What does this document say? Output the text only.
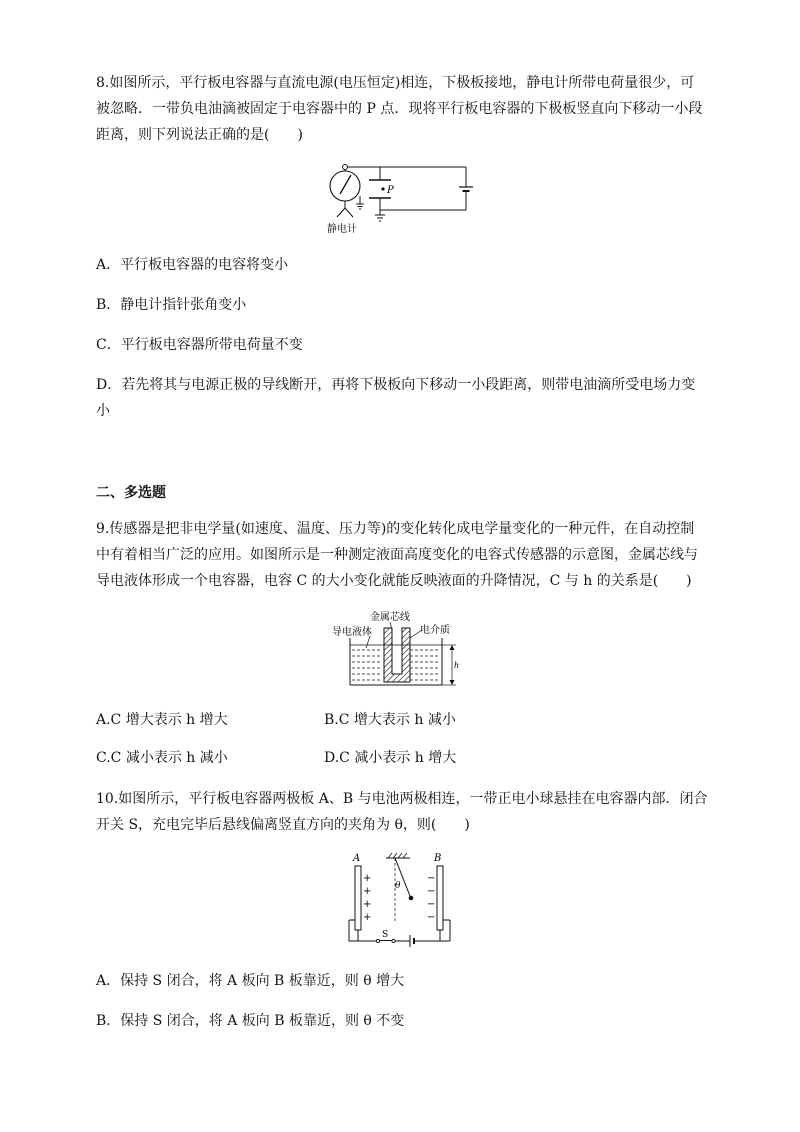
8.如图所示，平行板电容器与直流电源(电压恒定)相连，下极板接地，静电计所带电荷量很少，可被忽略．一带负电油滴被固定于电容器中的 P 点．现将平行板电容器的下极板竖直向下移动一小段距离，则下列说法正确的是(　　)

P
静电计

A．平行板电容器的电容将变小

B．静电计指针张角变小

C．平行板电容器所带电荷量不变

D．若先将其与电源正极的导线断开，再将下极板向下移动一小段距离，则带电油滴所受电场力变小

二、多选题

9.传感器是把非电学量(如速度、温度、压力等)的变化转化成电学量变化的一种元件，在自动控制中有着相当广泛的应用。如图所示是一种测定液面高度变化的电容式传感器的示意图，金属芯线与导电液体形成一个电容器，电容 C 的大小变化就能反映液面的升降情况，C 与 h 的关系是(　　)

金属芯线
导电液体	电介质
h

A.C 增大表示 h 增大	B.C 增大表示 h 减小

C.C 减小表示 h 减小	D.C 减小表示 h 增大

10.如图所示，平行板电容器两极板 A、B 与电池两极相连，一带正电小球悬挂在电容器内部．闭合开关 S，充电完毕后悬线偏离竖直方向的夹角为 θ，则(　　)

A	B
+
+
+
+
−
−
−
−
θ
S

A．保持 S 闭合，将 A 板向 B 板靠近，则 θ 增大

B．保持 S 闭合，将 A 板向 B 板靠近，则 θ 不变
